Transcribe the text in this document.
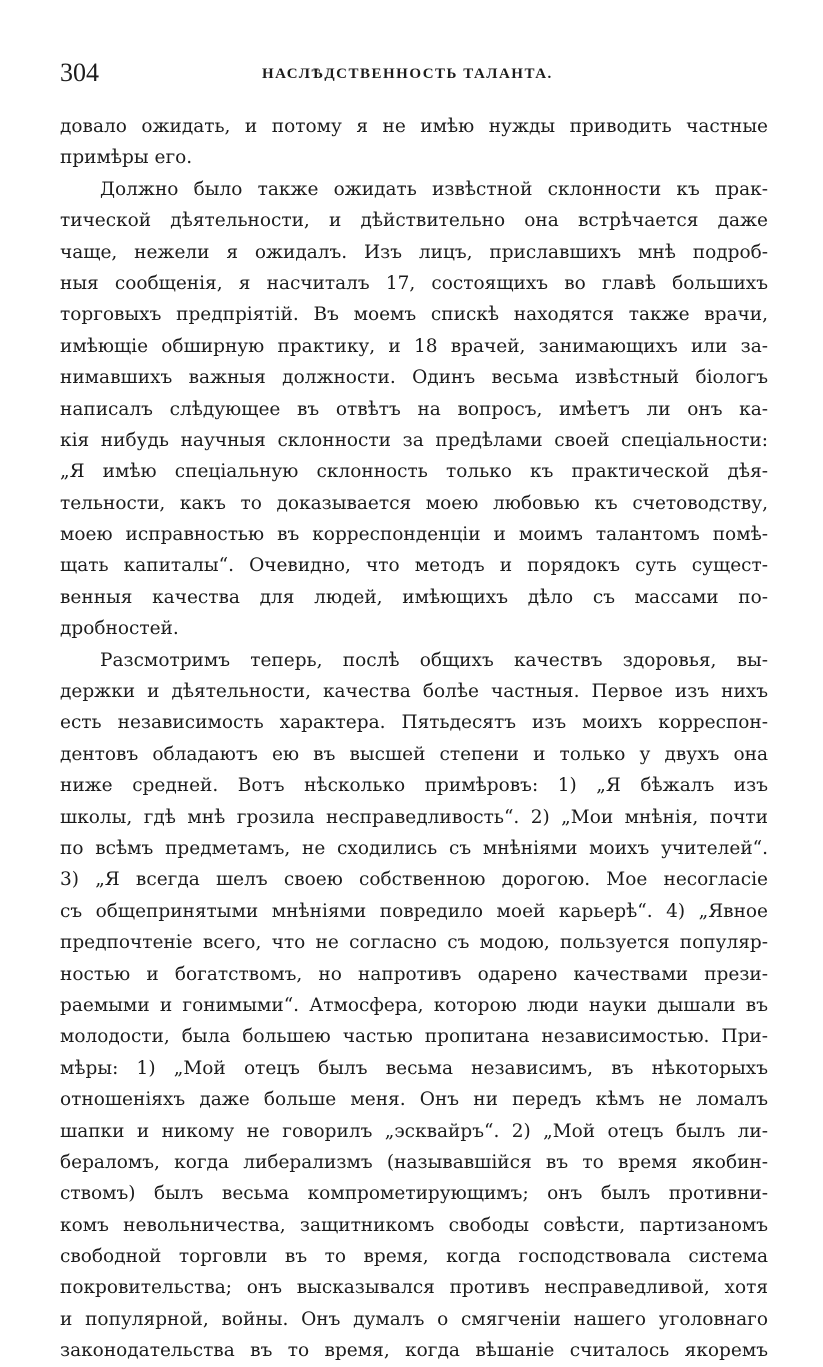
304	НАСЛѢДСТВЕННОСТЬ ТАЛАНТА.
довало ожидать, и потому я не имѣю нужды приводить частные
примѣры его.
Должно было также ожидать извѣстной склонности къ прак-
тической дѣятельности, и дѣйствительно она встрѣчается даже
чаще, нежели я ожидалъ. Изъ лицъ, приславшихъ мнѣ подроб-
ныя сообщенія, я насчиталъ 17, состоящихъ во главѣ большихъ
торговыхъ предпріятій. Въ моемъ спискѣ находятся также врачи,
имѣющіе обширную практику, и 18 врачей, занимающихъ или за-
нимавшихъ важныя должности. Одинъ весьма извѣстный біологъ
написалъ слѣдующее въ отвѣтъ на вопросъ, имѣетъ ли онъ ка-
кія нибудь научныя склонности за предѣлами своей спеціальности:
„Я имѣю спеціальную склонность только къ практической дѣя-
тельности, какъ то доказывается моею любовью къ счетоводству,
моею исправностью въ корреспонденціи и моимъ талантомъ помѣ-
щать капиталы“. Очевидно, что методъ и порядокъ суть сущест-
венныя качества для людей, имѣющихъ дѣло съ массами по-
дробностей.
Разсмотримъ теперь, послѣ общихъ качествъ здоровья, вы-
держки и дѣятельности, качества болѣе частныя. Первое изъ нихъ
есть независимость характера. Пятьдесятъ изъ моихъ корреспон-
дентовъ обладаютъ ею въ высшей степени и только у двухъ она
ниже средней. Вотъ нѣсколько примѣровъ: 1) „Я бѣжалъ изъ
школы, гдѣ мнѣ грозила несправедливость“. 2) „Мои мнѣнія, почти
по всѣмъ предметамъ, не сходились съ мнѣніями моихъ учителей“.
3) „Я всегда шелъ своею собственною дорогою. Мое несогласіе
съ общепринятыми мнѣніями повредило моей карьерѣ“. 4) „Явное
предпочтеніе всего, что не согласно съ модою, пользуется популяр-
ностью и богатствомъ, но напротивъ одарено качествами прези-
раемыми и гонимыми“. Атмосфера, которою люди науки дышали въ
молодости, была большею частью пропитана независимостью. При-
мѣры: 1) „Мой отецъ былъ весьма независимъ, въ нѣкоторыхъ
отношеніяхъ даже больше меня. Онъ ни передъ кѣмъ не ломалъ
шапки и никому не говорилъ „эсквайръ“. 2) „Мой отецъ былъ ли-
бераломъ, когда либерализмъ (называвшійся въ то время якобин-
ствомъ) былъ весьма компрометирующимъ; онъ былъ противни-
комъ невольничества, защитникомъ свободы совѣсти, партизаномъ
свободной торговли въ то время, когда господствовала система
покровительства; онъ высказывался противъ несправедливой, хотя
и популярной, войны. Онъ думалъ о смягченіи нашего уголовнаго
законодательства въ то время, когда вѣшаніе считалось якоремъ
